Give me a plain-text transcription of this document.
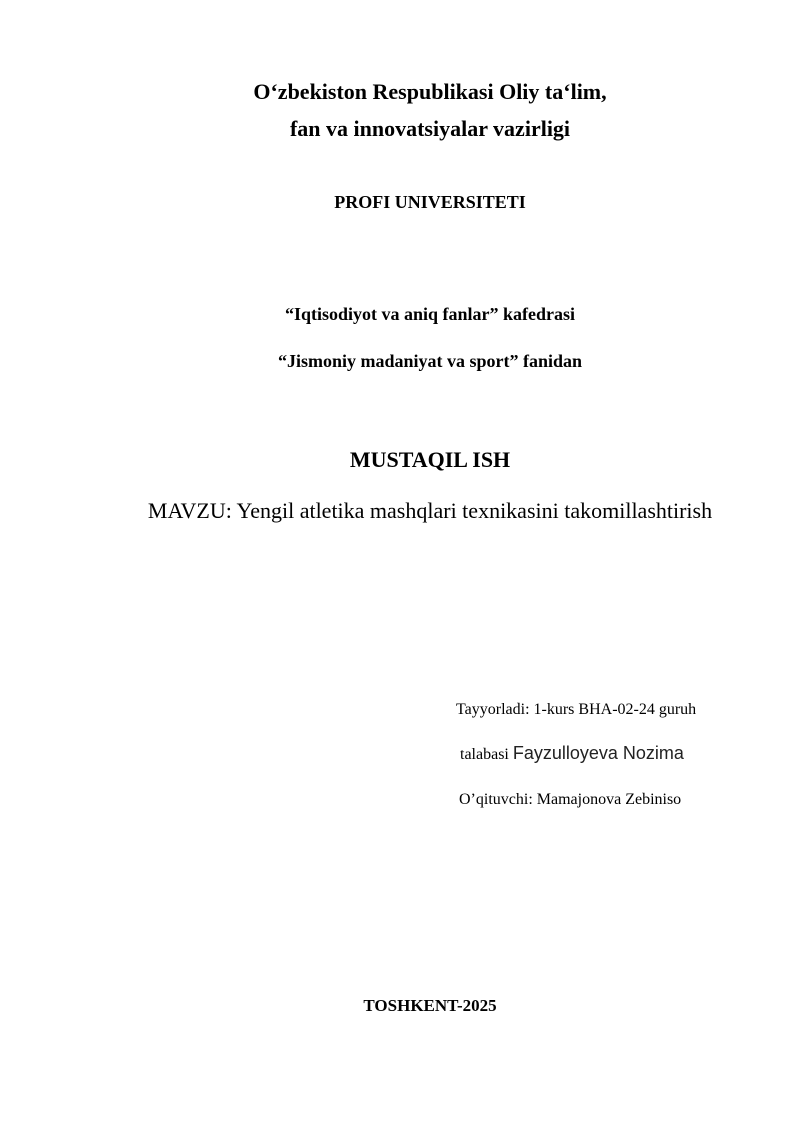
O‘zbekiston Respublikasi Oliy ta‘lim,
fan va innovatsiyalar vazirligi
PROFI UNIVERSITETI
“Iqtisodiyot va aniq fanlar” kafedrasi
“Jismoniy madaniyat va sport” fanidan
MUSTAQIL ISH
MAVZU: Yengil atletika mashqlari texnikasini takomillashtirish
Tayyorladi: 1-kurs BHA-02-24 guruh
talabasi Fayzulloyeva Nozima
O’qituvchi: Mamajonova Zebiniso
TOSHKENT-2025
